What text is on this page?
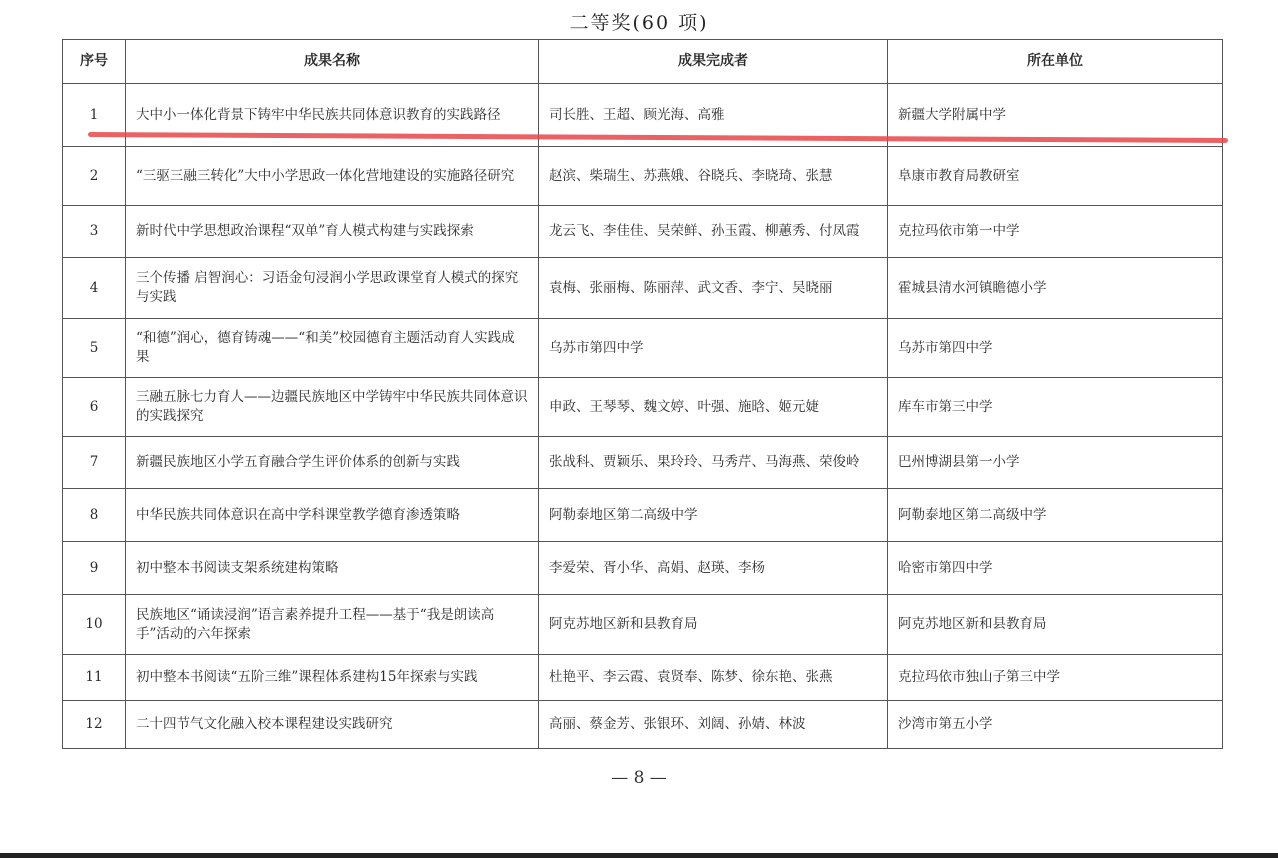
二等奖(60 项)
序号	成果名称	成果完成者	所在单位
1	大中小一体化背景下铸牢中华民族共同体意识教育的实践路径	司长胜、王超、顾光海、高雅	新疆大学附属中学
2	“三驱三融三转化”大中小学思政一体化营地建设的实施路径研究	赵滨、柴瑞生、苏燕娥、谷晓兵、李晓琦、张慧	阜康市教育局教研室
3	新时代中学思想政治课程“双单”育人模式构建与实践探索	龙云飞、李佳佳、吴荣鲜、孙玉霞、柳蕙秀、付凤霞	克拉玛依市第一中学
4	三个传播 启智润心：习语金句浸润小学思政课堂育人模式的探究与实践	袁梅、张丽梅、陈丽萍、武文香、李宁、吴晓丽	霍城县清水河镇瞻德小学
5	“和德”润心，德育铸魂——“和美”校园德育主题活动育人实践成果	乌苏市第四中学	乌苏市第四中学
6	三融五脉七力育人——边疆民族地区中学铸牢中华民族共同体意识的实践探究	申政、王琴琴、魏文婷、叶强、施晗、姬元婕	库车市第三中学
7	新疆民族地区小学五育融合学生评价体系的创新与实践	张战科、贾颖乐、果玲玲、马秀芹、马海燕、荣俊岭	巴州博湖县第一小学
8	中华民族共同体意识在高中学科课堂教学德育渗透策略	阿勒泰地区第二高级中学	阿勒泰地区第二高级中学
9	初中整本书阅读支架系统建构策略	李爱荣、胥小华、高娟、赵瑛、李杨	哈密市第四中学
10	民族地区“诵读浸润”语言素养提升工程——基于“我是朗读高手”活动的六年探索	阿克苏地区新和县教育局	阿克苏地区新和县教育局
11	初中整本书阅读“五阶三维”课程体系建构15年探索与实践	杜艳平、李云霞、袁贤奉、陈梦、徐东艳、张燕	克拉玛依市独山子第三中学
12	二十四节气文化融入校本课程建设实践研究	高丽、蔡金芳、张银环、刘阔、孙婧、林波	沙湾市第五小学
— 8 —
